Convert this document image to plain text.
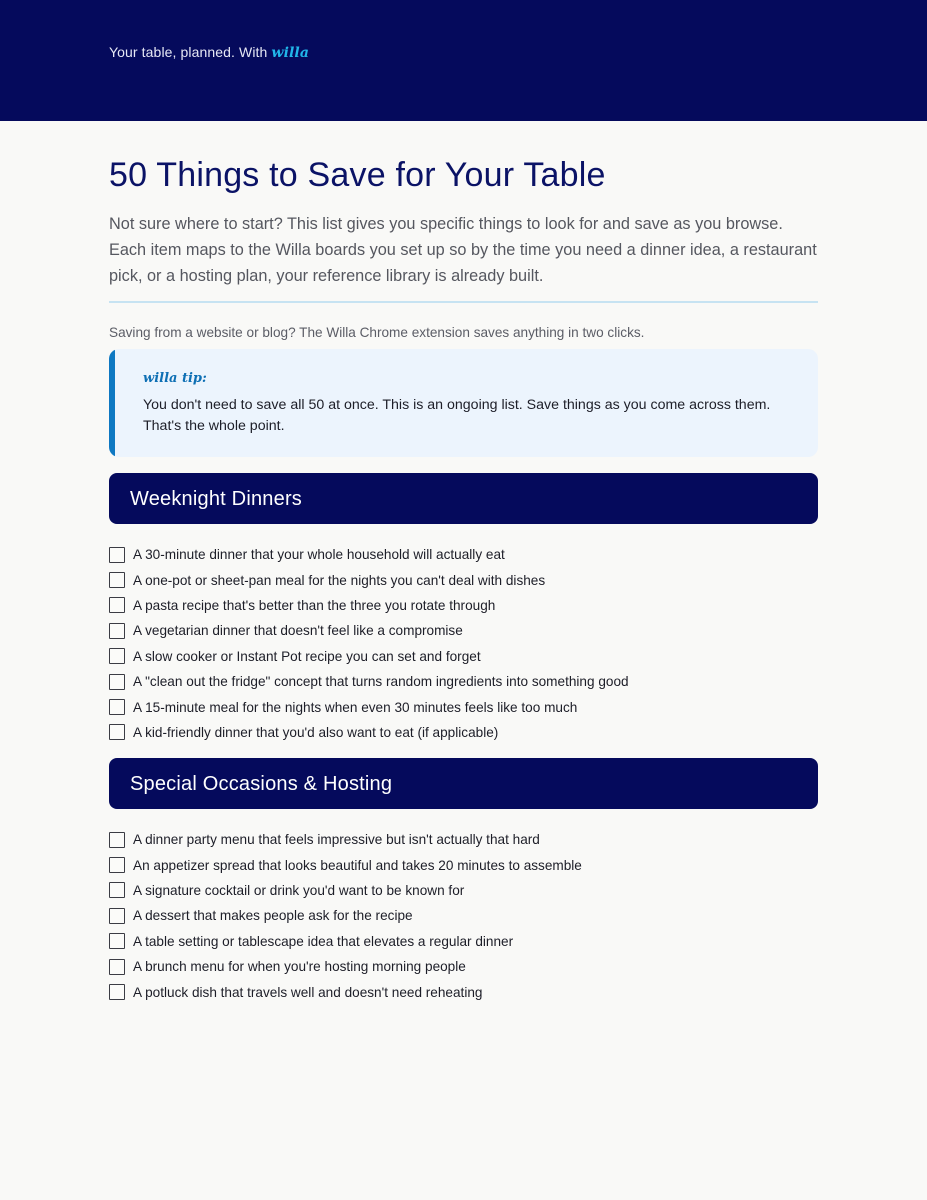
Your table, planned. With willa
50 Things to Save for Your Table

Not sure where to start? This list gives you specific things to look for and save as you browse. Each item maps to the Willa boards you set up so by the time you need a dinner idea, a restaurant pick, or a hosting plan, your reference library is already built.

Saving from a website or blog? The Willa Chrome extension saves anything in two clicks.

willa tip:
You don't need to save all 50 at once. This is an ongoing list. Save things as you come across them. That's the whole point.
Weeknight Dinners
A 30-minute dinner that your whole household will actually eat
A one-pot or sheet-pan meal for the nights you can't deal with dishes
A pasta recipe that's better than the three you rotate through
A vegetarian dinner that doesn't feel like a compromise
A slow cooker or Instant Pot recipe you can set and forget
A "clean out the fridge" concept that turns random ingredients into something good
A 15-minute meal for the nights when even 30 minutes feels like too much
A kid-friendly dinner that you'd also want to eat (if applicable)
Special Occasions & Hosting
A dinner party menu that feels impressive but isn't actually that hard
An appetizer spread that looks beautiful and takes 20 minutes to assemble
A signature cocktail or drink you'd want to be known for
A dessert that makes people ask for the recipe
A table setting or tablescape idea that elevates a regular dinner
A brunch menu for when you're hosting morning people
A potluck dish that travels well and doesn't need reheating
